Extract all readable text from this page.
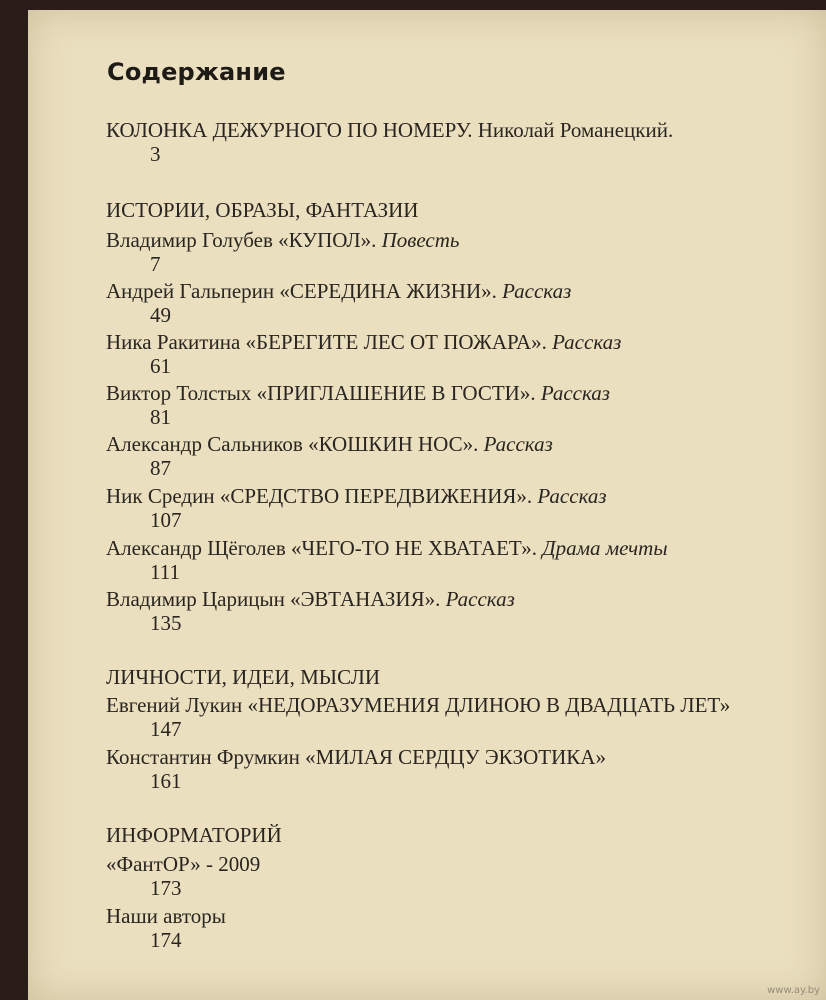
Содержание
КОЛОНКА ДЕЖУРНОГО ПО НОМЕРУ. Николай Романецкий.
3
ИСТОРИИ, ОБРАЗЫ, ФАНТАЗИИ
Владимир Голубев «КУПОЛ». Повесть
7
Андрей Гальперин «СЕРЕДИНА ЖИЗНИ». Рассказ
49
Ника Ракитина «БЕРЕГИТЕ ЛЕС ОТ ПОЖАРА». Рассказ
61
Виктор Толстых «ПРИГЛАШЕНИЕ В ГОСТИ». Рассказ
81
Александр Сальников «КОШКИН НОС». Рассказ
87
Ник Средин «СРЕДСТВО ПЕРЕДВИЖЕНИЯ». Рассказ
107
Александр Щёголев «ЧЕГО-ТО НЕ ХВАТАЕТ». Драма мечты
111
Владимир Царицын «ЭВТАНАЗИЯ». Рассказ
135
ЛИЧНОСТИ, ИДЕИ, МЫСЛИ
Евгений Лукин «НЕДОРАЗУМЕНИЯ ДЛИНОЮ В ДВАДЦАТЬ ЛЕТ»
147
Константин Фрумкин «МИЛАЯ СЕРДЦУ ЭКЗОТИКА»
161
ИНФОРМАТОРИЙ
«ФантОР» - 2009
173
Наши авторы
174
www.ay.by
